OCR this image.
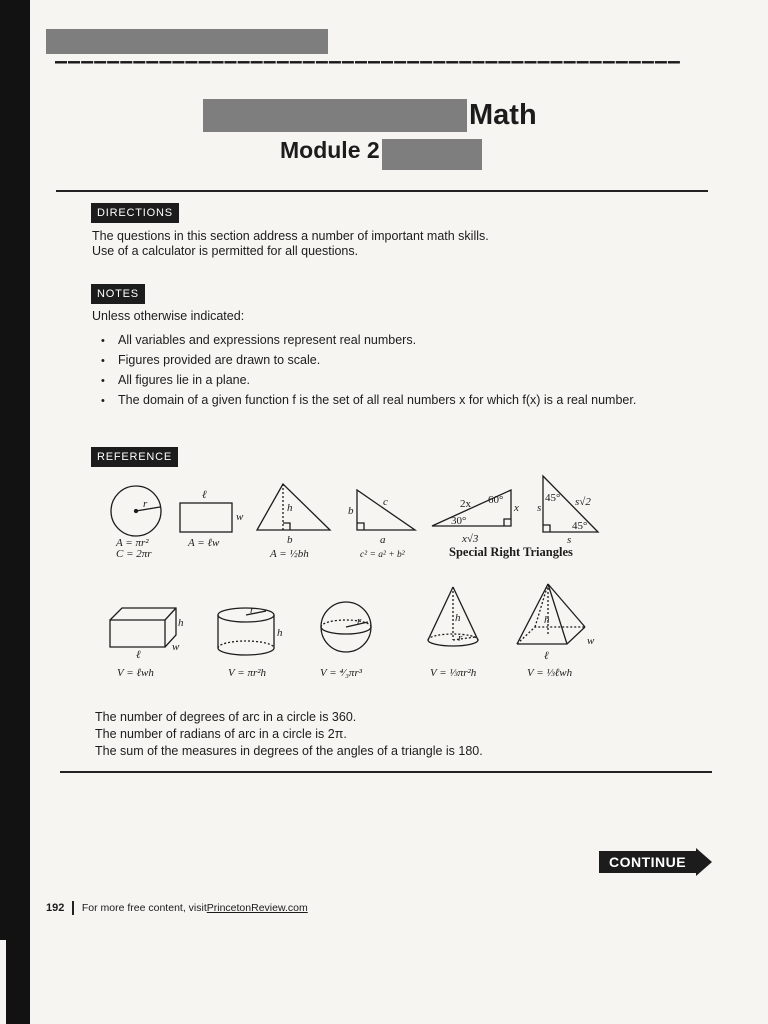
————————————————————————————————————————————————
Math
Module 2
DIRECTIONS
The questions in this section address a number of important math skills.
Use of a calculator is permitted for all questions.
NOTES
Unless otherwise indicated:
• All variables and expressions represent real numbers.
• Figures provided are drawn to scale.
• All figures lie in a plane.
• The domain of a given function f is the set of all real numbers x for which f(x) is a real number.
REFERENCE
r
A = πr²
C = 2πr
ℓ
w
A = ℓw
h
b
A = ½bh
b
c
a
c² = a² + b²
2x 60°
30°
x
x√3
45° s√2
s
45°
s
Special Right Triangles
ℓ
w
h
V = ℓwh
r
h
V = πr²h
r
V = ⁴⁄₃πr³
h
r
V = ⅓πr²h
h
w
ℓ
V = ⅓ℓwh
The number of degrees of arc in a circle is 360.
The number of radians of arc in a circle is 2π.
The sum of the measures in degrees of the angles of a triangle is 180.
CONTINUE
192 For more free content, visit PrincetonReview.com
